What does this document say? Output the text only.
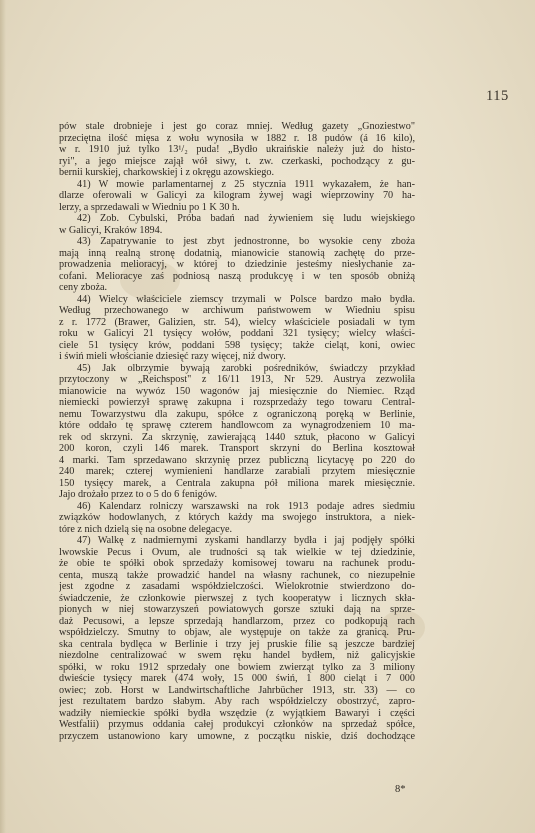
115
pów stale drobnieje i jest go coraz mniej. Według gazety „Gnoziestwo"
przeciętna ilość mięsa z wołu wynosiła w 1882 r. 18 pudów (á 16 kilo),
w r. 1910 już tylko 13¹/₂ puda! „Bydło ukraińskie należy już do histo-
ryi", a jego miejsce zajął wół siwy, t. zw. czerkaski, pochodzący z gu-
bernii kurskiej, charkowskiej i z okręgu azowskiego.
41) W mowie parlamentarnej z 25 stycznia 1911 wykazałem, że han-
dlarze oferowali w Galicyi za kilogram żywej wagi wieprzowiny 70 ha-
lerzy, a sprzedawali w Wiedniu po 1 K 30 h.
42) Zob. Cybulski, Próba badań nad żywieniem się ludu wiejskiego
w Galicyi, Kraków 1894.
43) Zapatrywanie to jest zbyt jednostronne, bo wysokie ceny zboża
mają inną realną stronę dodatnią, mianowicie stanowią zachętę do prze-
prowadzenia melioracyj, w której to dziedzinie jesteśmy niesłychanie za-
cofani. Melioracye zaś podniosą naszą produkcyę i w ten sposób obniżą
ceny zboża.
44) Wielcy właściciele ziemscy trzymali w Polsce bardzo mało bydła.
Według przechowanego w archiwum państwowem w Wiedniu spisu
z r. 1772 (Brawer, Galizien, str. 54), wielcy właściciele posiadali w tym
roku w Galicyi 21 tysięcy wołów, poddani 321 tysięcy; wielcy właści-
ciele 51 tysięcy krów, poddani 598 tysięcy; także cieląt, koni, owiec
i świń mieli włościanie dziesięć razy więcej, niż dwory.
45) Jak olbrzymie bywają zarobki pośredników, świadczy przykład
przytoczony w „Reichspost" z 16/11 1913, Nr 529. Austrya zezwoliła
mianowicie na wywóz 150 wagonów jaj miesięcznie do Niemiec. Rząd
niemiecki powierzył sprawę zakupna i rozsprzedaży tego towaru Central-
nemu Towarzystwu dla zakupu, spółce z ograniczoną poręką w Berlinie,
które oddało tę sprawę czterem handlowcom za wynagrodzeniem 10 ma-
rek od skrzyni. Za skrzynię, zawierającą 1440 sztuk, płacono w Galicyi
200 koron, czyli 146 marek. Transport skrzyni do Berlina kosztował
4 marki. Tam sprzedawano skrzynię przez publiczną licytacyę po 220 do
240 marek; czterej wymienieni handlarze zarabiali przytem miesięcznie
150 tysięcy marek, a Centrala zakupna pół miliona marek miesięcznie.
Jajo drożało przez to o 5 do 6 fenigów.
46) Kalendarz rolniczy warszawski na rok 1913 podaje adres siedmiu
związków hodowlanych, z których każdy ma swojego instruktora, a niek-
tóre z nich dzielą się na osobne delegacye.
47) Walkę z nadmiernymi zyskami handlarzy bydła i jaj podjęły spółki
lwowskie Pecus i Ovum, ale trudności są tak wielkie w tej dziedzinie,
że obie te spółki obok sprzedaży komisowej towaru na rachunek produ-
centa, muszą także prowadzić handel na własny rachunek, co niezupełnie
jest zgodne z zasadami współdzielczości. Wielokrotnie stwierdzono do-
świadczenie, że członkowie pierwszej z tych kooperatyw i licznych skła-
pionych w niej stowarzyszeń powiatowych gorsze sztuki dają na sprze-
daż Pecusowi, a lepsze sprzedają handlarzom, przez co podkopują rach
współdzielczy. Smutny to objaw, ale występuje on także za granicą. Pru-
ska centrala bydlęca w Berlinie i trzy jej pruskie filie są jeszcze bardziej
niezdolne centralizować w swem ręku handel bydłem, niż galicyjskie
spółki, w roku 1912 sprzedały one bowiem zwierząt tylko za 3 miliony
dwieście tysięcy marek (474 woły, 15 000 świń, 1 800 cieląt i 7 000
owiec; zob. Horst w Landwirtschaftliche Jahrbücher 1913, str. 33) — co
jest rezultatem bardzo słabym. Aby rach współdzielczy obostrzyć, zapro-
wadziły niemieckie spółki bydła wszędzie (z wyjątkiem Bawaryi i części
Westfalii) przymus oddania całej produkcyi członków na sprzedaż spółce,
przyczem ustanowiono kary umowne, z początku niskie, dziś dochodzące
8*
